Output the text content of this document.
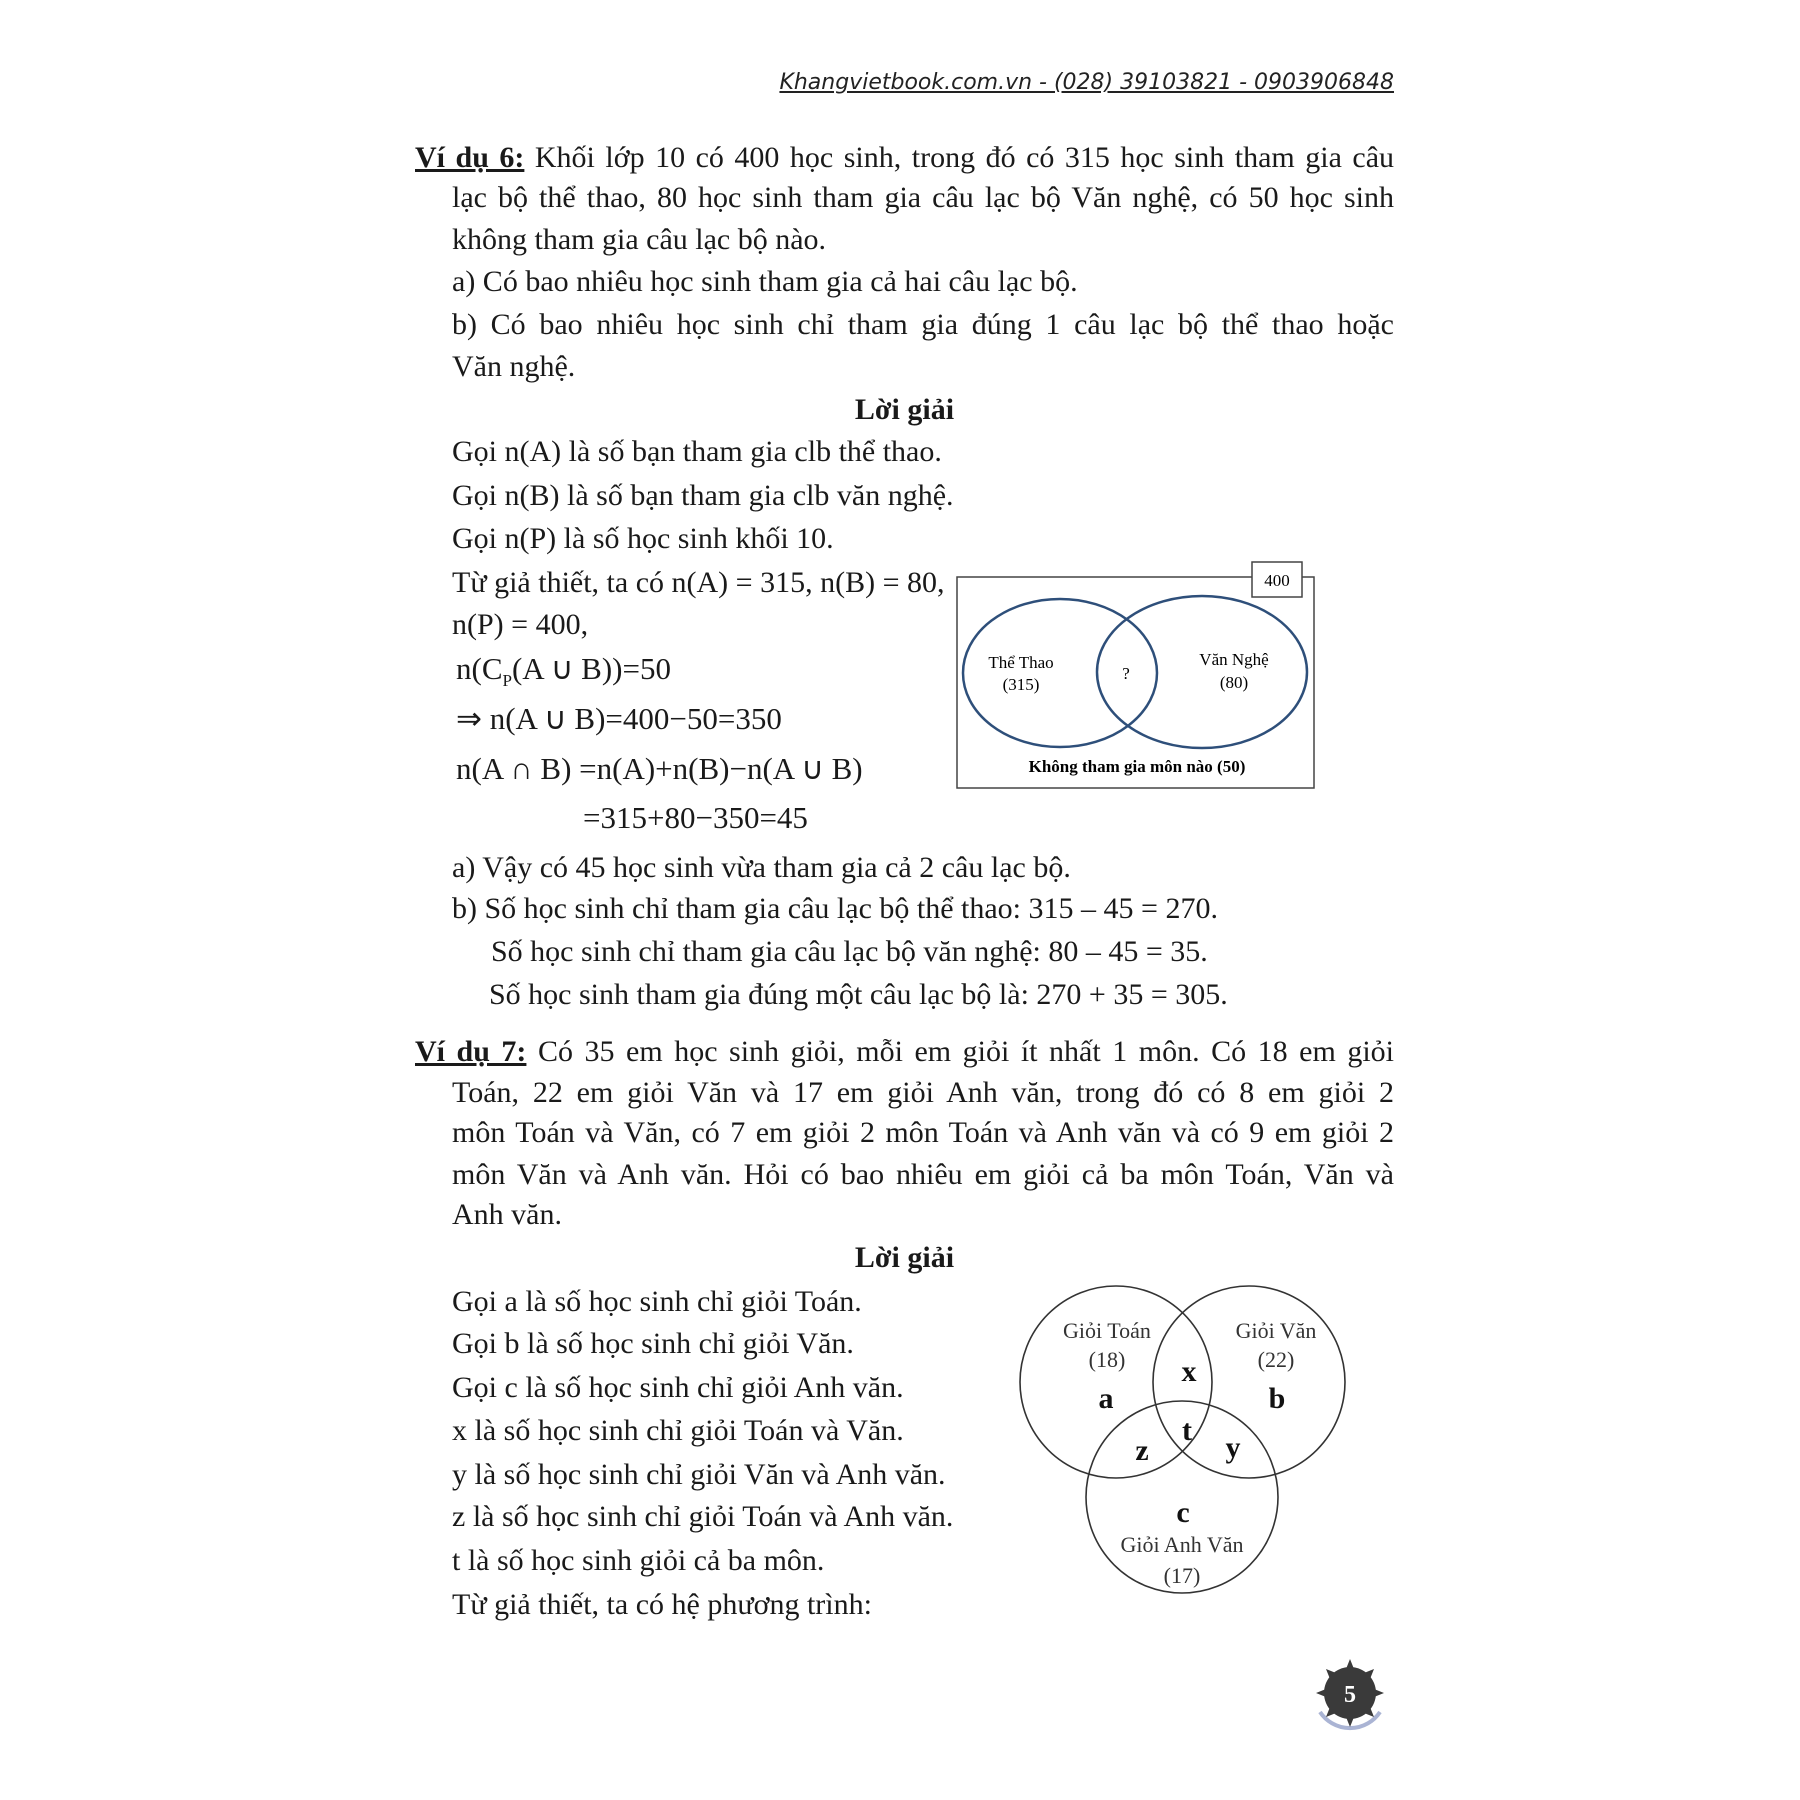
Khangvietbook.com.vn - (028) 39103821 - 0903906848
Ví dụ 6: Khối lớp 10 có 400 học sinh, trong đó có 315 học sinh tham gia câu
lạc bộ thể thao, 80 học sinh tham gia câu lạc bộ Văn nghệ, có 50 học sinh
không tham gia câu lạc bộ nào.
a) Có bao nhiêu học sinh tham gia cả hai câu lạc bộ.
b) Có bao nhiêu học sinh chỉ tham gia đúng 1 câu lạc bộ thể thao hoặc
Văn nghệ.
Lời giải
Gọi n(A) là số bạn tham gia clb thể thao.
Gọi n(B) là số bạn tham gia clb văn nghệ.
Gọi n(P) là số học sinh khối 10.
Từ giả thiết, ta có n(A) = 315, n(B) = 80,
n(P) = 400,
$n(C_P(A$ ∪ B))=50
⇒ n(A ∪ B)=400−50=350
n(A ∩ B) =n(A)+n(B)−n(A ∪ B)
=315+80−350=45
a) Vậy có 45 học sinh vừa tham gia cả 2 câu lạc bộ.
b) Số học sinh chỉ tham gia câu lạc bộ thể thao: 315 – 45 = 270.
Số học sinh chỉ tham gia câu lạc bộ văn nghệ: 80 – 45 = 35.
Số học sinh tham gia đúng một câu lạc bộ là: 270 + 35 = 305.
400
Thể Thao
(315)
?
Văn Nghệ
(80)
Không tham gia môn nào (50)
Giỏi Toán
(18)
Giỏi Văn
(22)
Giỏi Anh Văn
(17)
a	b
c
x
y
z
t
5
Ví dụ 7: Có 35 em học sinh giỏi, mỗi em giỏi ít nhất 1 môn. Có 18 em giỏi
Toán, 22 em giỏi Văn và 17 em giỏi Anh văn, trong đó có 8 em giỏi 2
môn Toán và Văn, có 7 em giỏi 2 môn Toán và Anh văn và có 9 em giỏi 2
môn Văn và Anh văn. Hỏi có bao nhiêu em giỏi cả ba môn Toán, Văn và
Anh văn.
Lời giải
Gọi a là số học sinh chỉ giỏi Toán.
Gọi b là số học sinh chỉ giỏi Văn.
Gọi c là số học sinh chỉ giỏi Anh văn.
x là số học sinh chỉ giỏi Toán và Văn.
y là số học sinh chỉ giỏi Văn và Anh văn.
z là số học sinh chỉ giỏi Toán và Anh văn.
t là số học sinh giỏi cả ba môn.
Từ giả thiết, ta có hệ phương trình:
